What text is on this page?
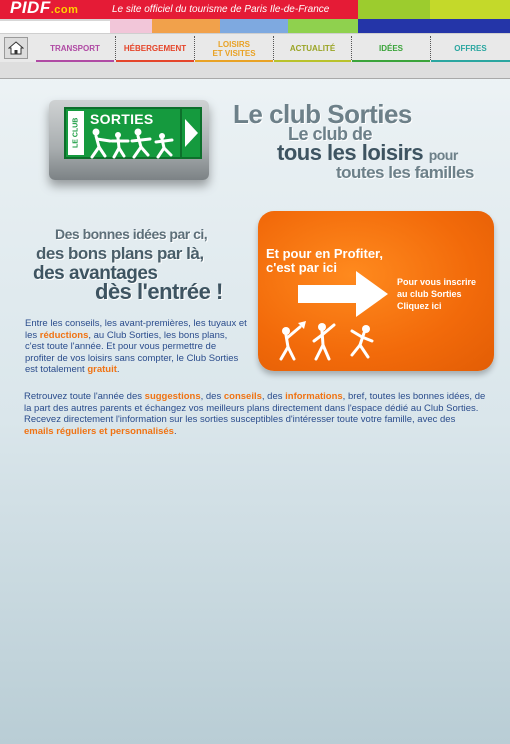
PIDF.com	Le site officiel du tourisme de Paris Ile-de-France
TRANSPORT	HÉBERGEMENT	LOISIRS
ET VISITES	ACTUALITÉ	IDÉES	OFFRES
LE CLUB SORTIES	Le club Sorties
Le club de
tous les loisirs pour
toutes les familles
Des bonnes idées par ci,
des bons plans par là,
des avantages
dès l'entrée !
Et pour en Profiter,
c'est par ici
Pour vous inscrire
au club Sorties
Cliquez ici
Entre les conseils, les avant-premières, les tuyaux et les réductions, au Club Sorties, les bons plans, c'est toute l'année. Et pour vous permettre de profiter de vos loisirs sans compter, le Club Sorties est totalement gratuit.
Retrouvez toute l'année des suggestions, des conseils, des informations, bref, toutes les bonnes idées, de la part des autres parents et échangez vos meilleurs plans directement dans l'espace dédié au Club Sorties.
Recevez directement l'information sur les sorties susceptibles d'intéresser toute votre famille, avec des emails réguliers et personnalisés.
